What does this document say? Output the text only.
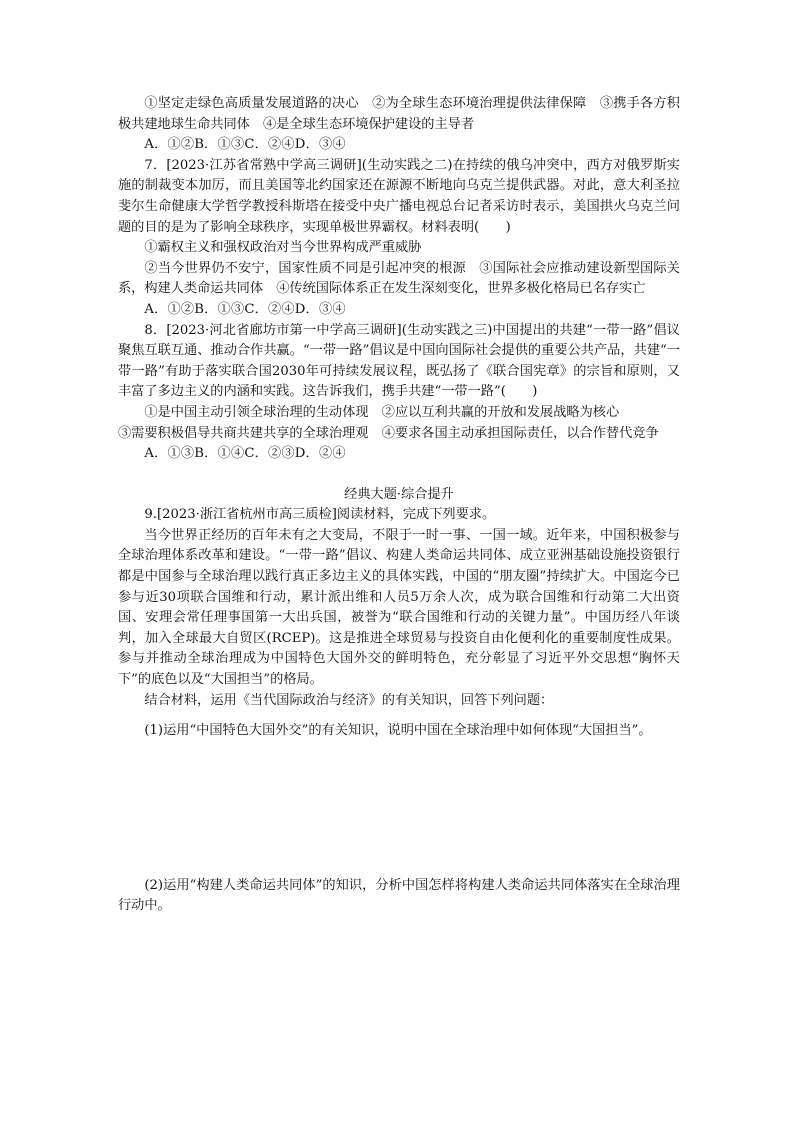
①坚定走绿色高质量发展道路的决心　②为全球生态环境治理提供法律保障　③携手各方积极共建地球生命共同体　④是全球生态环境保护建设的主导者

A．①②B．①③C．②④D．③④

7．[2023·江苏省常熟中学高三调研](生动实践之二)在持续的俄乌冲突中，西方对俄罗斯实施的制裁变本加厉，而且美国等北约国家还在源源不断地向乌克兰提供武器。对此，意大利圣拉斐尔生命健康大学哲学教授科斯塔在接受中央广播电视总台记者采访时表示，美国拱火乌克兰问题的目的是为了影响全球秩序，实现单极世界霸权。材料表明(　　)

①霸权主义和强权政治对当今世界构成严重威胁

②当今世界仍不安宁，国家性质不同是引起冲突的根源　③国际社会应推动建设新型国际关系，构建人类命运共同体　④传统国际体系正在发生深刻变化，世界多极化格局已名存实亡

A．①②B．①③C．②④D．③④

8．[2023·河北省廊坊市第一中学高三调研](生动实践之三)中国提出的共建“一带一路”倡议聚焦互联互通、推动合作共赢。“一带一路”倡议是中国向国际社会提供的重要公共产品，共建“一带一路”有助于落实联合国2030年可持续发展议程，既弘扬了《联合国宪章》的宗旨和原则，又丰富了多边主义的内涵和实践。这告诉我们，携手共建“一带一路”(　　)

①是中国主动引领全球治理的生动体现　②应以互利共赢的开放和发展战略为核心

③需要积极倡导共商共建共享的全球治理观　④要求各国主动承担国际责任，以合作替代竞争

A．①③B．①④C．②③D．②④

经典大题·综合提升

9.[2023·浙江省杭州市高三质检]阅读材料，完成下列要求。

当今世界正经历的百年未有之大变局，不限于一时一事、一国一域。近年来，中国积极参与全球治理体系改革和建设。“一带一路”倡议、构建人类命运共同体、成立亚洲基础设施投资银行都是中国参与全球治理以践行真正多边主义的具体实践，中国的“朋友圈”持续扩大。中国迄今已参与近30项联合国维和行动，累计派出维和人员5万余人次，成为联合国维和行动第二大出资国、安理会常任理事国第一大出兵国，被誉为“联合国维和行动的关键力量”。中国历经八年谈判，加入全球最大自贸区(RCEP)。这是推进全球贸易与投资自由化便利化的重要制度性成果。参与并推动全球治理成为中国特色大国外交的鲜明特色，充分彰显了习近平外交思想“胸怀天下”的底色以及“大国担当”的格局。

结合材料，运用《当代国际政治与经济》的有关知识，回答下列问题：

(1)运用“中国特色大国外交”的有关知识，说明中国在全球治理中如何体现“大国担当”。

(2)运用“构建人类命运共同体”的知识，分析中国怎样将构建人类命运共同体落实在全球治理行动中。
